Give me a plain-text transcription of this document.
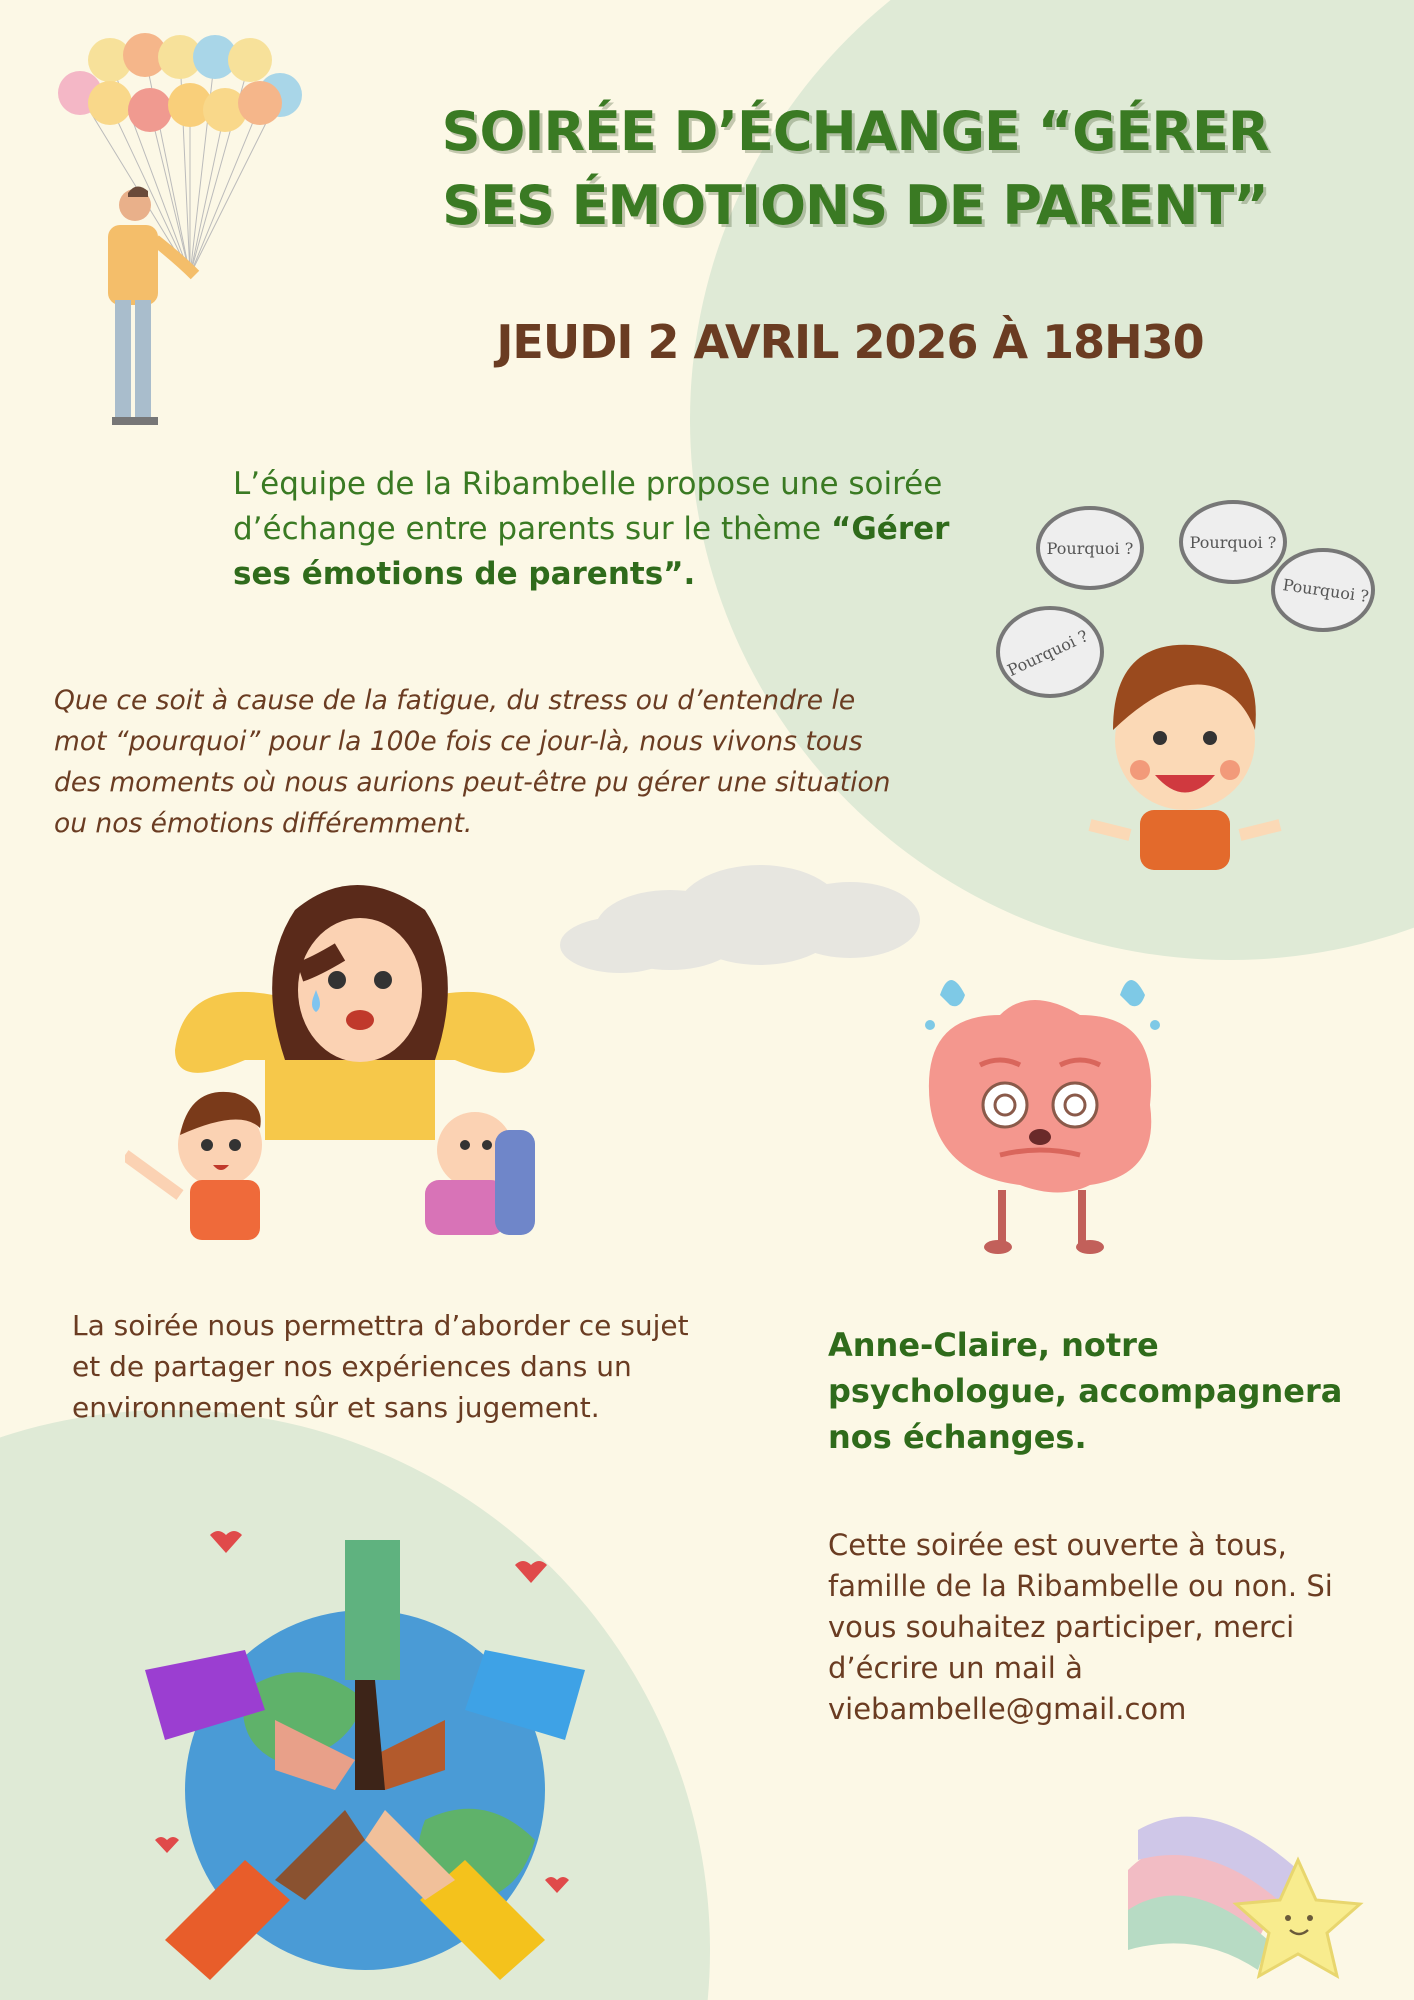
SOIRÉE D’ÉCHANGE “GÉRER SES ÉMOTIONS DE PARENT”
JEUDI 2 AVRIL 2026 À 18H30

L’équipe de la Ribambelle propose une soirée d’échange entre parents sur le thème “Gérer ses émotions de parents”.

Pourquoi ?	Pourquoi ?
Pourquoi ?
Pourquoi ?

Que ce soit à cause de la fatigue, du stress ou d’entendre le mot “pourquoi” pour la 100e fois ce jour-là, nous vivons tous des moments où nous aurions peut-être pu gérer une situation ou nos émotions différemment.

La soirée nous permettra d’aborder ce sujet et de partager nos expériences dans un environnement sûr et sans jugement.

Anne-Claire, notre psychologue, accompagnera nos échanges.

Cette soirée est ouverte à tous, famille de la Ribambelle ou non. Si vous souhaitez participer, merci d’écrire un mail à viebambelle@gmail.com
